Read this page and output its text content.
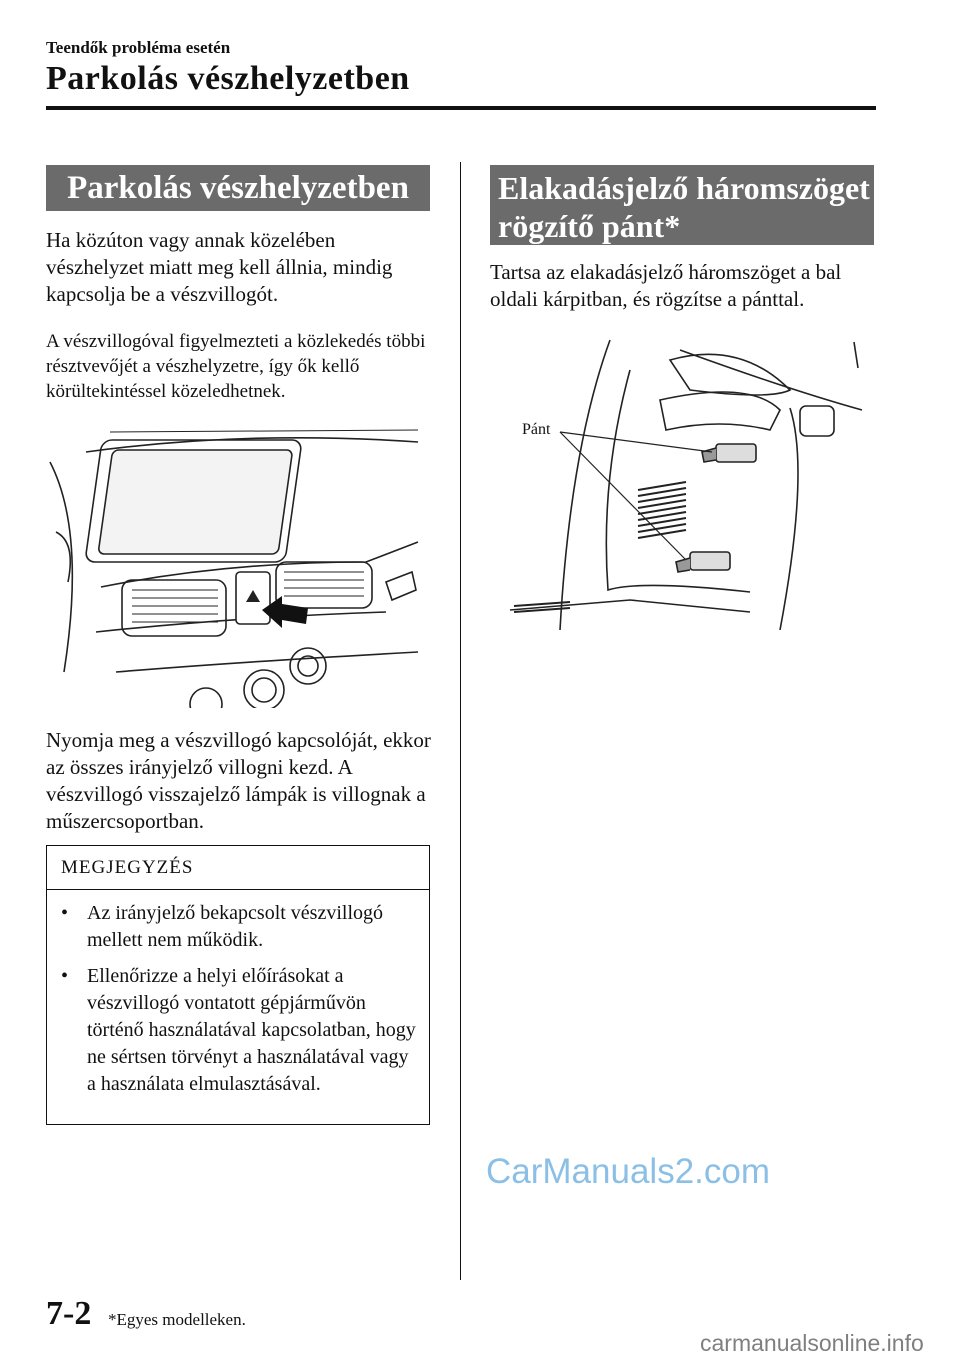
Teendők probléma esetén
Parkolás vészhelyzetben
Parkolás vészhelyzetben
Ha közúton vagy annak közelében vészhelyzet miatt meg kell állnia, mindig kapcsolja be a vészvillogót.
A vészvillogóval figyelmezteti a közlekedés többi résztvevőjét a vészhelyzetre, így ők kellő körültekintéssel közeledhetnek.
Nyomja meg a vészvillogó kapcsolóját, ekkor az összes irányjelző villogni kezd. A vészvillogó visszajelző lámpák is villognak a műszercsoportban.
MEGJEGYZÉS
• Az irányjelző bekapcsolt vészvillogó mellett nem működik.
• Ellenőrizze a helyi előírásokat a vészvillogó vontatott gépjárművön történő használatával kapcsolatban, hogy ne sértsen törvényt a használatával vagy a használata elmulasztásával.
Elakadásjelző háromszöget rögzítő pánt*
Tartsa az elakadásjelző háromszöget a bal oldali kárpitban, és rögzítse a pánttal.
Pánt
7-2 *Egyes modelleken.
CarManuals2.com
carmanualsonline.info
